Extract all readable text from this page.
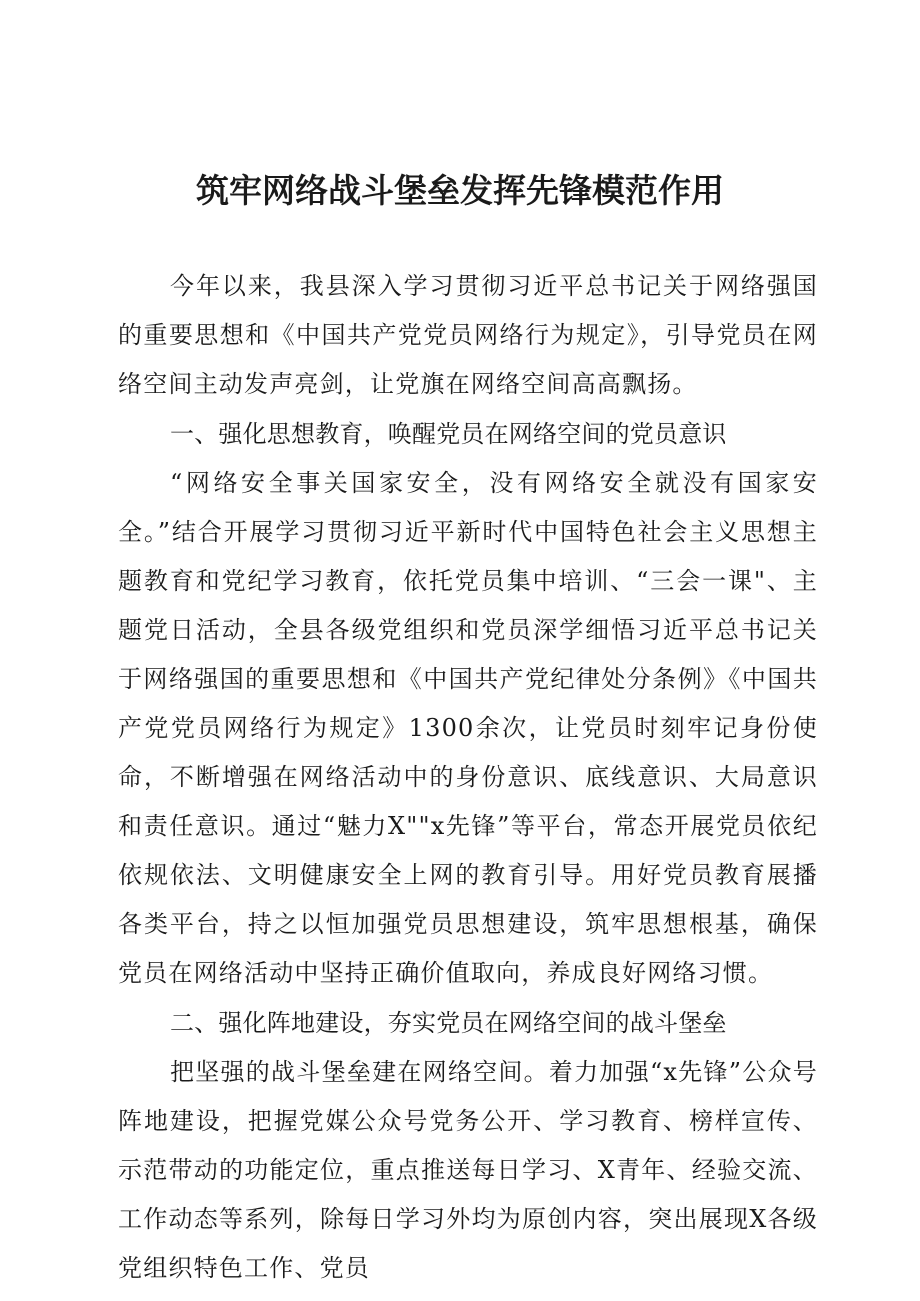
筑牢网络战斗堡垒发挥先锋模范作用

今年以来，我县深入学习贯彻习近平总书记关于网络强国的重要思想和《中国共产党党员网络行为规定》，引导党员在网络空间主动发声亮剑，让党旗在网络空间高高飘扬。

一、强化思想教育，唤醒党员在网络空间的党员意识

“网络安全事关国家安全，没有网络安全就没有国家安全。”结合开展学习贯彻习近平新时代中国特色社会主义思想主题教育和党纪学习教育，依托党员集中培训、“三会一课"、主题党日活动，全县各级党组织和党员深学细悟习近平总书记关于网络强国的重要思想和《中国共产党纪律处分条例》《中国共产党党员网络行为规定》1300余次，让党员时刻牢记身份使命，不断增强在网络活动中的身份意识、底线意识、大局意识和责任意识。通过“魅力X""x先锋”等平台，常态开展党员依纪依规依法、文明健康安全上网的教育引导。用好党员教育展播各类平台，持之以恒加强党员思想建设，筑牢思想根基，确保党员在网络活动中坚持正确价值取向，养成良好网络习惯。

二、强化阵地建设，夯实党员在网络空间的战斗堡垒

把坚强的战斗堡垒建在网络空间。着力加强“x先锋”公众号阵地建设，把握党媒公众号党务公开、学习教育、榜样宣传、示范带动的功能定位，重点推送每日学习、X青年、经验交流、工作动态等系列，除每日学习外均为原创内容，突出展现X各级党组织特色工作、党员
